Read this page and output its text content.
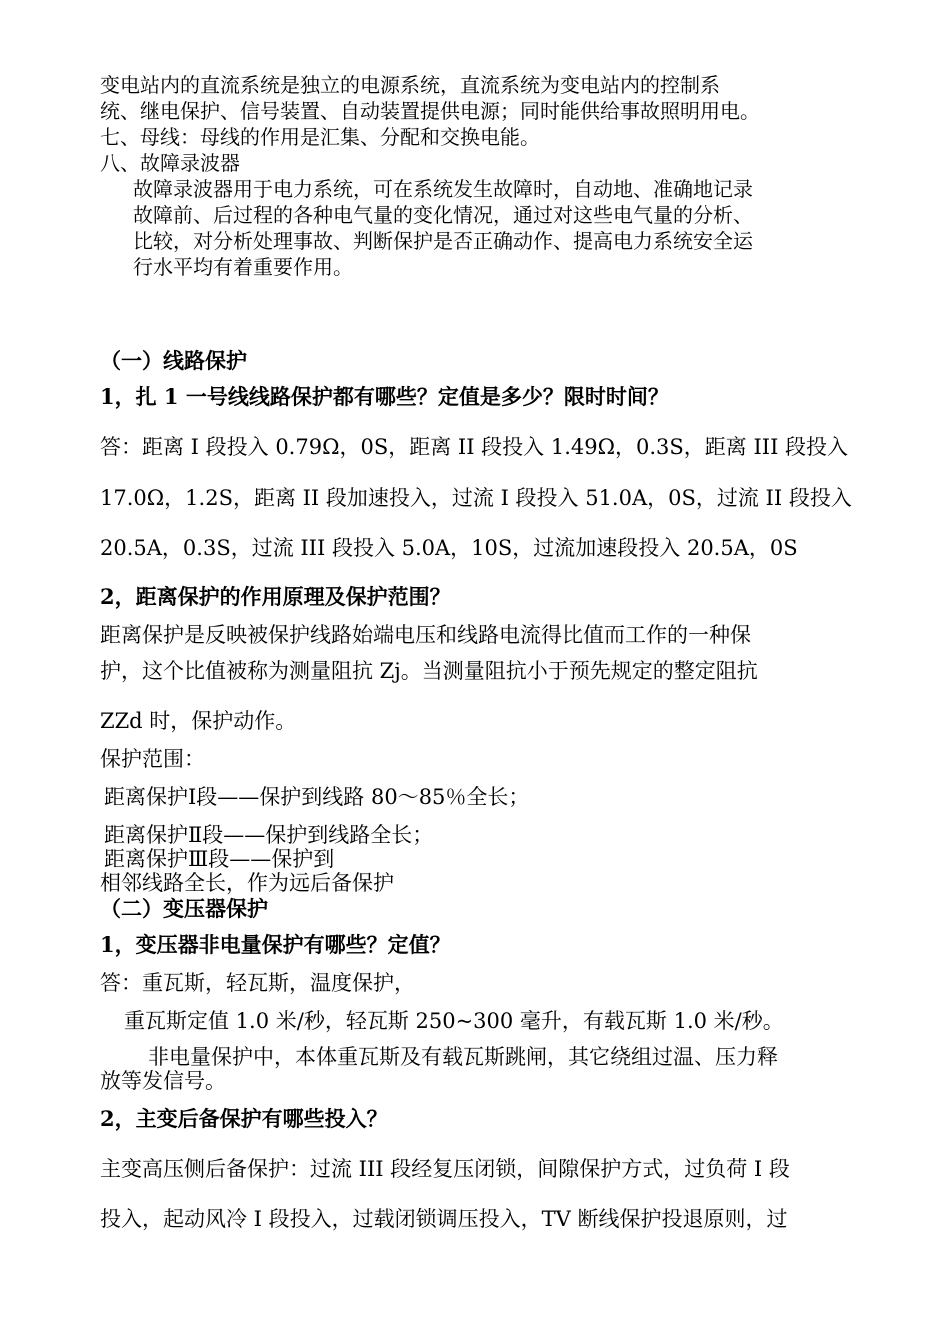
变电站内的直流系统是独立的电源系统，直流系统为变电站内的控制系
统、继电保护、信号装置、自动装置提供电源；同时能供给事故照明用电。
七、母线：母线的作用是汇集、分配和交换电能。
八、故障录波器
故障录波器用于电力系统，可在系统发生故障时，自动地、准确地记录
故障前、后过程的各种电气量的变化情况，通过对这些电气量的分析、
比较，对分析处理事故、判断保护是否正确动作、提高电力系统安全运
行水平均有着重要作用。
（一）线路保护
1，扎 1 一号线线路保护都有哪些？定值是多少？限时时间？
答：距离 I 段投入 0.79Ω，0S，距离 II 段投入 1.49Ω，0.3S，距离 III 段投入
17.0Ω，1.2S，距离 II 段加速投入，过流 I 段投入 51.0A，0S，过流 II 段投入
20.5A，0.3S，过流 III 段投入 5.0A，10S，过流加速段投入 20.5A，0S
2，距离保护的作用原理及保护范围？
距离保护是反映被保护线路始端电压和线路电流得比值而工作的一种保
护，这个比值被称为测量阻抗 Zj。当测量阻抗小于预先规定的整定阻抗
ZZd 时，保护动作。
保护范围：
距离保护Ⅰ段——保护到线路 80～85％全长；
距离保护Ⅱ段——保护到线路全长；
距离保护Ⅲ段——保护到
相邻线路全长，作为远后备保护
（二）变压器保护
1，变压器非电量保护有哪些？定值？
答：重瓦斯，轻瓦斯，温度保护，
重瓦斯定值 1.0 米/秒，轻瓦斯 250~300 毫升，有载瓦斯 1.0 米/秒。
非电量保护中，本体重瓦斯及有载瓦斯跳闸，其它绕组过温、压力释
放等发信号。
2，主变后备保护有哪些投入？
主变高压侧后备保护：过流 III 段经复压闭锁，间隙保护方式，过负荷 I 段
投入，起动风冷 I 段投入，过载闭锁调压投入，TV 断线保护投退原则，过
